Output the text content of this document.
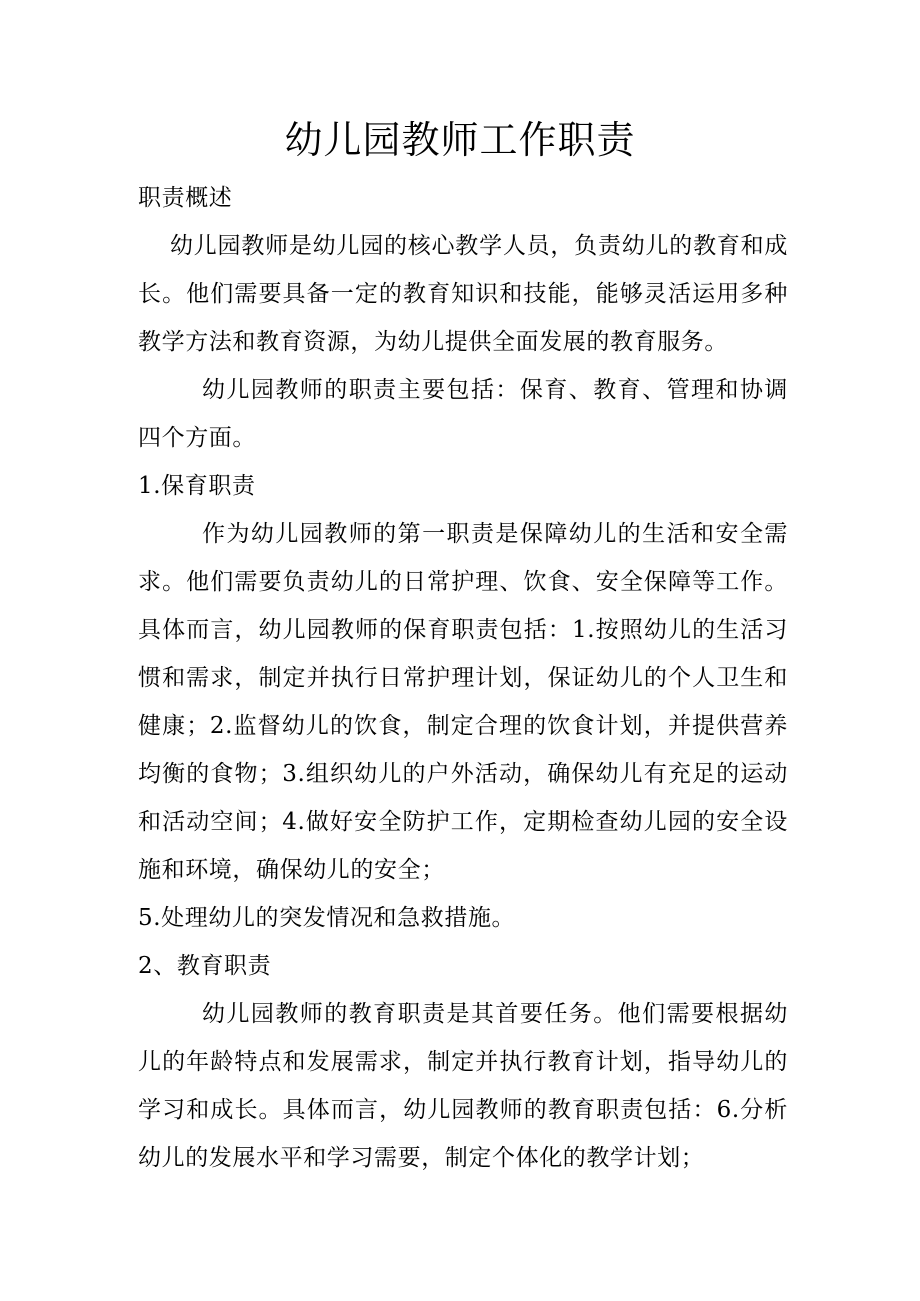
幼儿园教师工作职责

职责概述

幼儿园教师是幼儿园的核心教学人员，负责幼儿的教育和成长。他们需要具备一定的教育知识和技能，能够灵活运用多种教学方法和教育资源，为幼儿提供全面发展的教育服务。

幼儿园教师的职责主要包括：保育、教育、管理和协调四个方面。

1.保育职责

作为幼儿园教师的第一职责是保障幼儿的生活和安全需求。他们需要负责幼儿的日常护理、饮食、安全保障等工作。具体而言，幼儿园教师的保育职责包括：1.按照幼儿的生活习惯和需求，制定并执行日常护理计划，保证幼儿的个人卫生和健康；2.监督幼儿的饮食，制定合理的饮食计划，并提供营养均衡的食物；3.组织幼儿的户外活动，确保幼儿有充足的运动和活动空间；4.做好安全防护工作，定期检查幼儿园的安全设施和环境，确保幼儿的安全；

5.处理幼儿的突发情况和急救措施。

2、教育职责

幼儿园教师的教育职责是其首要任务。他们需要根据幼儿的年龄特点和发展需求，制定并执行教育计划，指导幼儿的学习和成长。具体而言，幼儿园教师的教育职责包括：6.分析幼儿的发展水平和学习需要，制定个体化的教学计划；
